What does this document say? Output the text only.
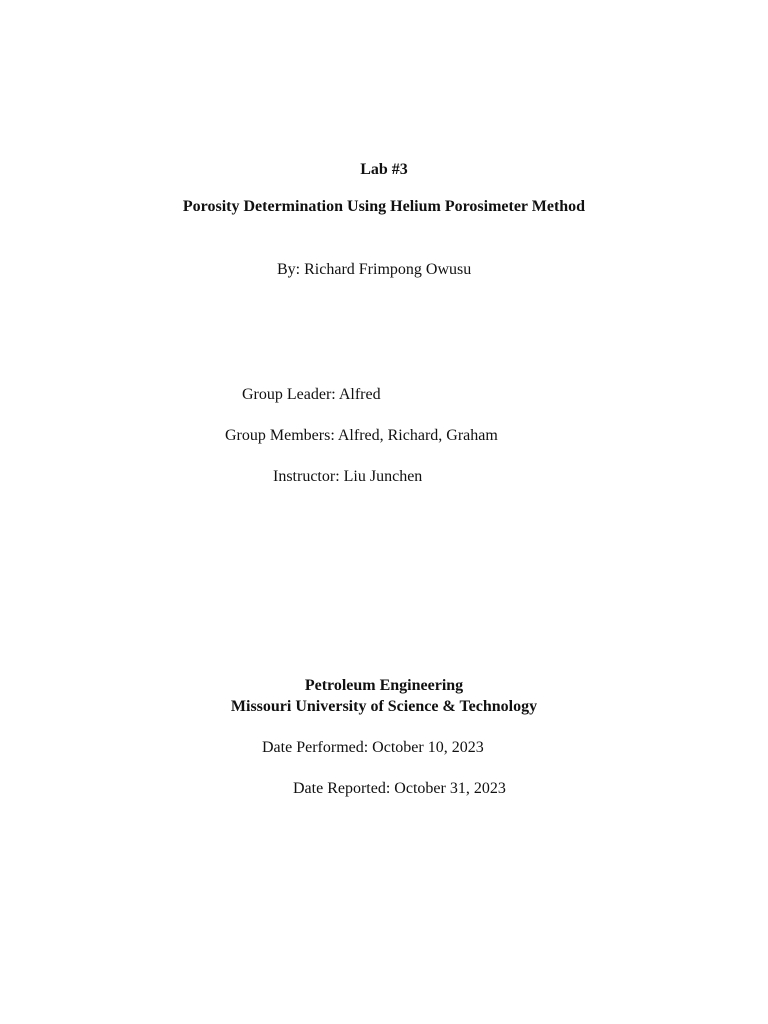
Lab #3
Porosity Determination Using Helium Porosimeter Method
By: Richard Frimpong Owusu
Group Leader: Alfred
Group Members: Alfred, Richard, Graham
Instructor: Liu Junchen
Petroleum Engineering
Missouri University of Science & Technology
Date Performed: October 10, 2023
Date Reported: October 31, 2023
